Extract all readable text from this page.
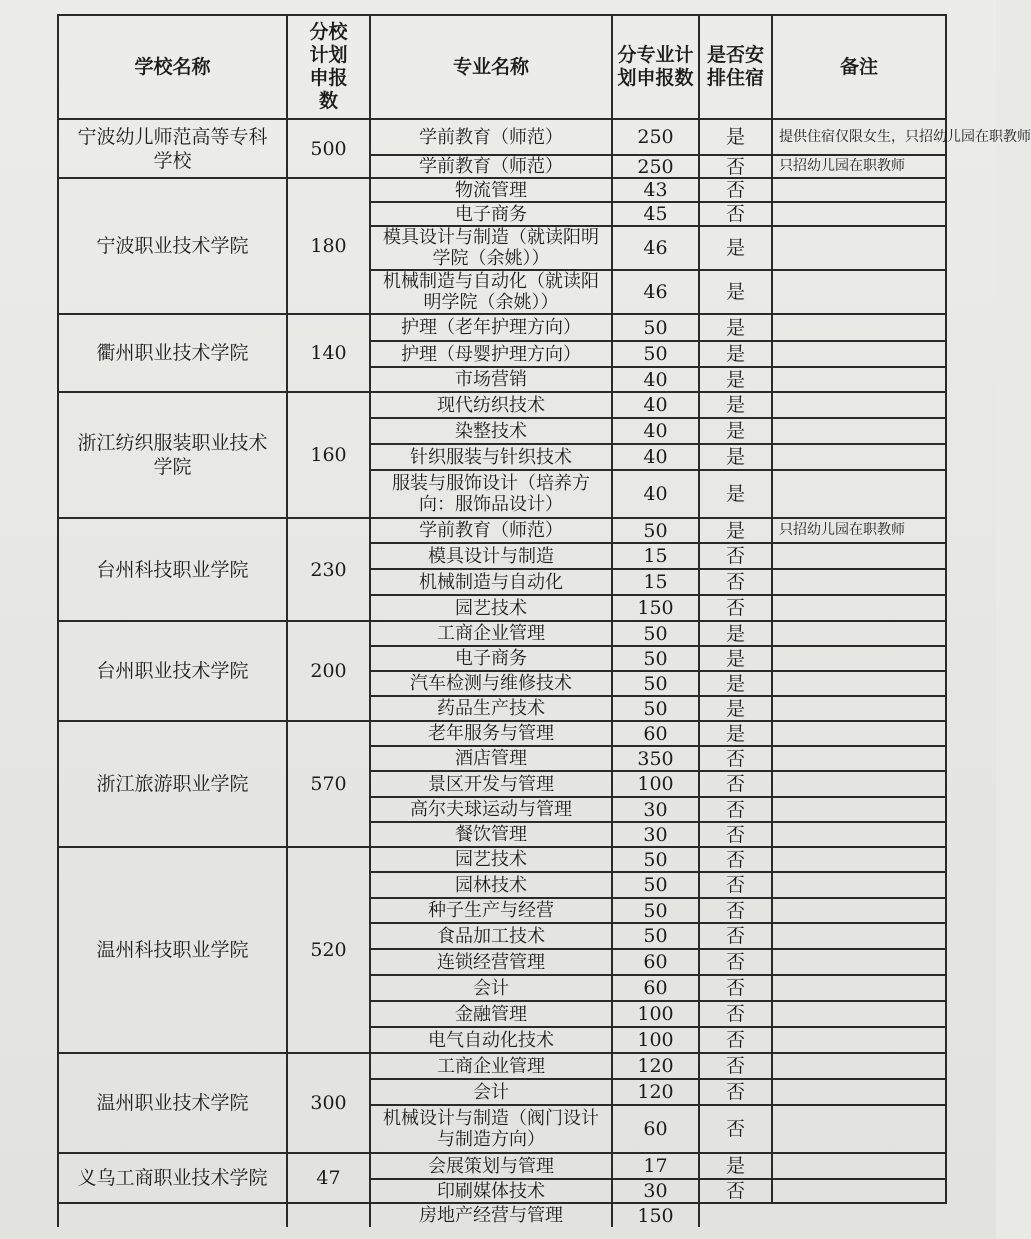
学校名称	分校计划申报数	专业名称	分专业计划申报数	是否安排住宿	备注
宁波幼儿师范高等专科学校	500	学前教育（师范）	250	是	提供住宿仅限女生，只招幼儿园在职教师
		学前教育（师范）	250	否	只招幼儿园在职教师
宁波职业技术学院	180	物流管理	43	否	
		电子商务	45	否	
		模具设计与制造（就读阳明学院（余姚））	46	是	
		机械制造与自动化（就读阳明学院（余姚））	46	是	
衢州职业技术学院	140	护理（老年护理方向）	50	是	
		护理（母婴护理方向）	50	是	
		市场营销	40	是	
浙江纺织服装职业技术学院	160	现代纺织技术	40	是	
		染整技术	40	是	
		针织服装与针织技术	40	是	
		服装与服饰设计（培养方向：服饰品设计）	40	是	
台州科技职业学院	230	学前教育（师范）	50	是	只招幼儿园在职教师
		模具设计与制造	15	否	
		机械制造与自动化	15	否	
		园艺技术	150	否	
台州职业技术学院	200	工商企业管理	50	是	
		电子商务	50	是	
		汽车检测与维修技术	50	是	
		药品生产技术	50	是	
浙江旅游职业学院	570	老年服务与管理	60	是	
		酒店管理	350	否	
		景区开发与管理	100	否	
		高尔夫球运动与管理	30	否	
		餐饮管理	30	否	
温州科技职业学院	520	园艺技术	50	否	
		园林技术	50	否	
		种子生产与经营	50	否	
		食品加工技术	50	否	
		连锁经营管理	60	否	
		会计	60	否	
		金融管理	100	否	
		电气自动化技术	100	否	
温州职业技术学院	300	工商企业管理	120	否	
		会计	120	否	
		机械设计与制造（阀门设计与制造方向）	60	否	
义乌工商职业技术学院	47	会展策划与管理	17	是	
		印刷媒体技术	30	否	
		房地产经营与管理	150		
